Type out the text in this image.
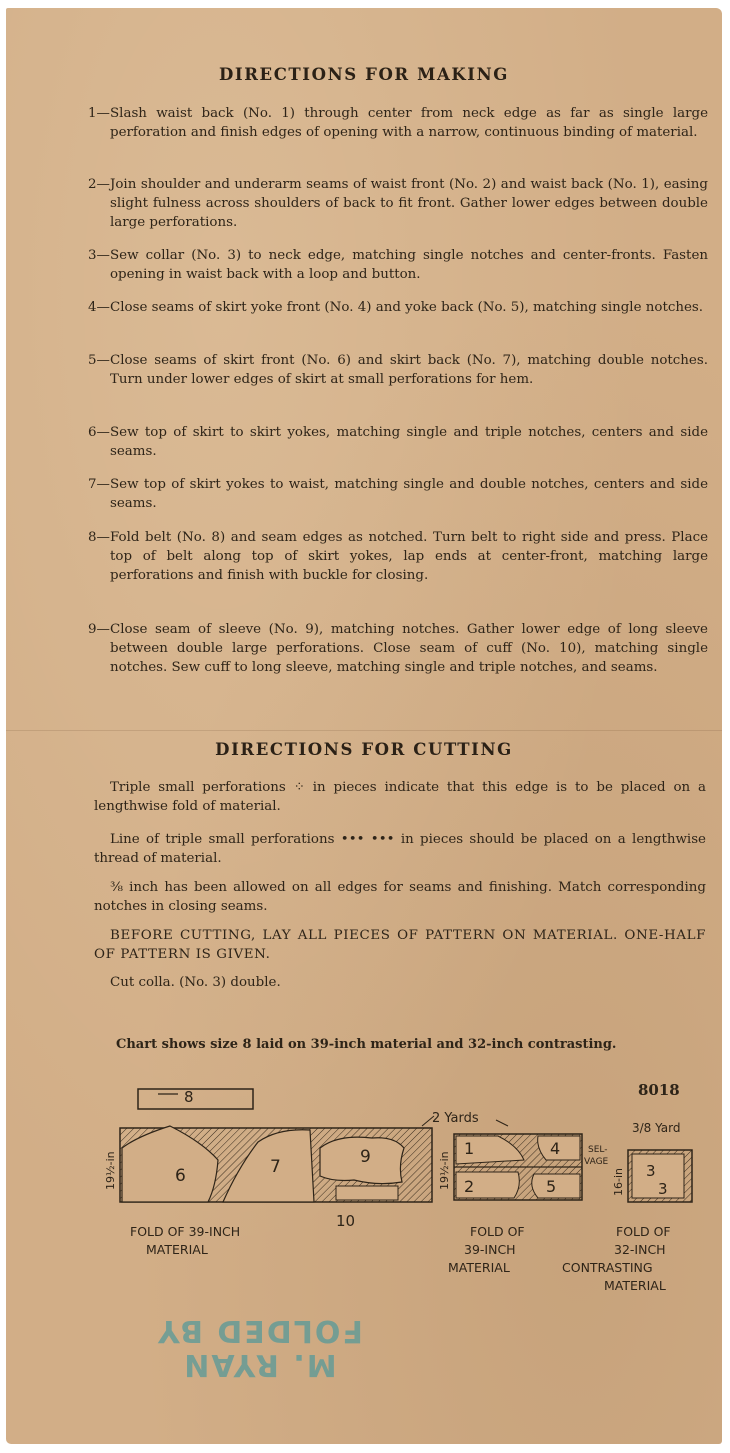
DIRECTIONS FOR MAKING
1— Slash waist back (No. 1) through center from neck edge as far as single large perforation and finish edges of opening with a narrow, continuous binding of material.
2— Join shoulder and underarm seams of waist front (No. 2) and waist back (No. 1), easing slight fulness across shoulders of back to fit front. Gather lower edges between double large perforations.
3— Sew collar (No. 3) to neck edge, matching single notches and center-fronts. Fasten opening in waist back with a loop and button.
4— Close seams of skirt yoke front (No. 4) and yoke back (No. 5), matching single notches.
5— Close seams of skirt front (No. 6) and skirt back (No. 7), matching double notches. Turn under lower edges of skirt at small perforations for hem.
6— Sew top of skirt to skirt yokes, matching single and triple notches, centers and side seams.
7— Sew top of skirt yokes to waist, matching single and double notches, centers and side seams.
8— Fold belt (No. 8) and seam edges as notched. Turn belt to right side and press. Place top of belt along top of skirt yokes, lap ends at center-front, matching large perforations and finish with buckle for closing.
9— Close seam of sleeve (No. 9), matching notches. Gather lower edge of long sleeve between double large perforations. Close seam of cuff (No. 10), matching single notches. Sew cuff to long sleeve, matching single and triple notches, and seams.
DIRECTIONS FOR CUTTING
Triple small perforations ⁘ in pieces indicate that this edge is to be placed on a lengthwise fold of material.
Line of triple small perforations ••• ••• in pieces should be placed on a lengthwise thread of material.
⅜ inch has been allowed on all edges for seams and finishing. Match corresponding notches in closing seams.
BEFORE CUTTING, LAY ALL PIECES OF PATTERN ON MATERIAL. ONE-HALF OF PATTERN IS GIVEN.
Cut colla. (No. 3) double.
Chart shows size 8 laid on 39-inch material and 32-inch contrasting.
8018
8
6	7	9
10
19½-in
FOLD OF 39-INCH
MATERIAL
2 Yards
1
2
4
5
19½-in
SEL-
VAGE
FOLD OF
39-INCH
MATERIAL
3/8 Yard
3
3
16-in
FOLD OF
32-INCH
CONTRASTING
MATERIAL
M. RYAN
FOLDED BY
